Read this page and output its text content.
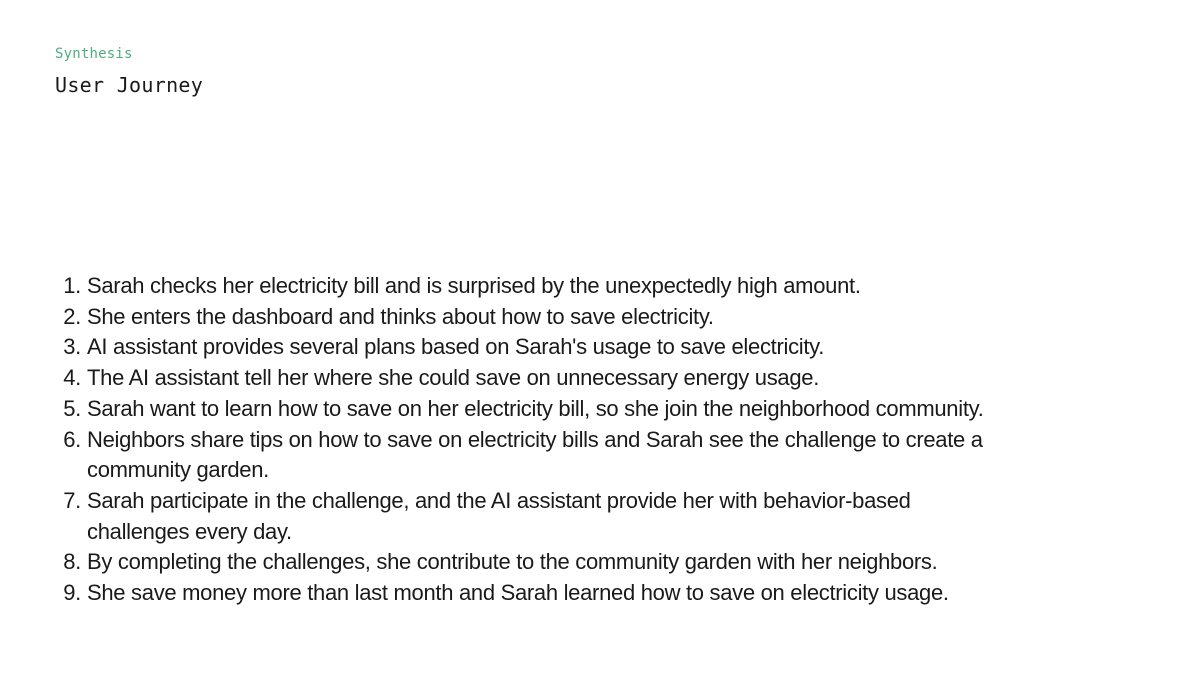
Synthesis
User Journey
1. Sarah checks her electricity bill and is surprised by the unexpectedly high amount.
2. She enters the dashboard and thinks about how to save electricity.
3. AI assistant provides several plans based on Sarah's usage to save electricity.
4. The AI assistant tell her where she could save on unnecessary energy usage.
5. Sarah want to learn how to save on her electricity bill, so she join the neighborhood community.
6. Neighbors share tips on how to save on electricity bills and Sarah see the challenge to create a community garden.
7. Sarah participate in the challenge, and the AI assistant provide her with behavior-based challenges every day.
8. By completing the challenges, she contribute to the community garden with her neighbors.
9. She save money more than last month and Sarah learned how to save on electricity usage.
